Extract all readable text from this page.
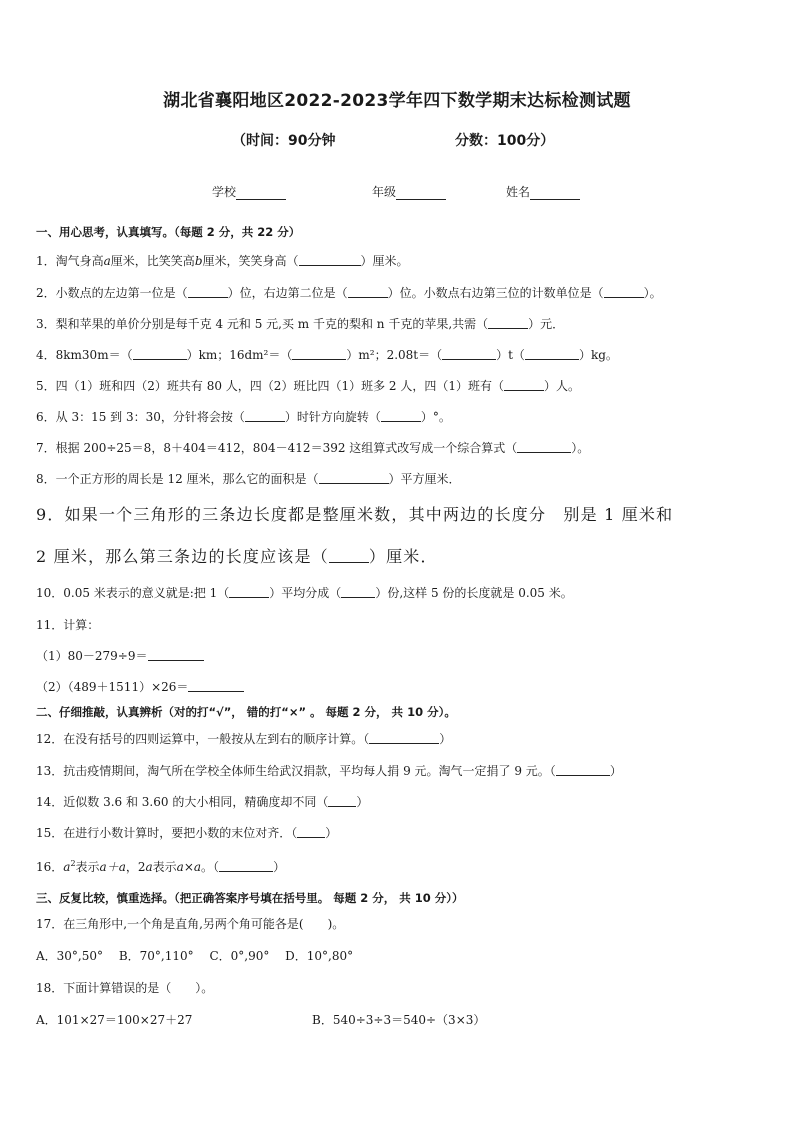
湖北省襄阳地区2022-2023学年四下数学期末达标检测试题
（时间：90分钟	分数：100分）
学校	年级	姓名
一、用心思考，认真填写。（每题 2 分，共 22 分）
1．淘气身高a厘米，比笑笑高b厘米，笑笑身高（	）厘米。
2．小数点的左边第一位是（	）位，右边第二位是（	）位。小数点右边第三位的计数单位是（	）。
3．梨和苹果的单价分别是每千克 4 元和 5 元,买 m 千克的梨和 n 千克的苹果,共需（	）元．
4．8km30m＝（	）km；16dm²＝（	）m²；2.08t＝（	）t（	）kg。
5．四（1）班和四（2）班共有 80 人，四（2）班比四（1）班多 2 人，四（1）班有（	）人。
6．从 3：15 到 3：30，分针将会按（	）时针方向旋转（	）°。
7．根据 200÷25＝8，8＋404＝412，804－412＝392 这组算式改写成一个综合算式（	）。
8．一个正方形的周长是 12 厘米，那么它的面积是（	）平方厘米．
9．如果一个三角形的三条边长度都是整厘米数，其中两边的长度分　别是 1 厘米和
2 厘米，那么第三条边的长度应该是（	）厘米．
10．0.05 米表示的意义就是:把 1（	）平均分成（	）份,这样 5 份的长度就是 0.05 米。
11．计算：
（1）80－279÷9＝
（2）（489＋1511）×26＝
二、仔细推敲，认真辨析（对的打“√”， 错的打“×” 。 每题 2 分， 共 10 分）。
12．在没有括号的四则运算中，一般按从左到右的顺序计算。（	）
13．抗击疫情期间，淘气所在学校全体师生给武汉捐款，平均每人捐 9 元。淘气一定捐了 9 元。（	）
14．近似数 3.6 和 3.60 的大小相同，精确度却不同（ ）
15．在进行小数计算时，要把小数的末位对齐．（ ）
16．$a^2$表示a＋a，2a表示a×a。（	）
三、反复比较，慎重选择。（把正确答案序号填在括号里。 每题 2 分， 共 10 分））
17．在三角形中,一个角是直角,另两个角可能各是(　　)。
A．30°,50°　 B．70°,110°　 C．0°,90°　 D．10°,80°
18．下面计算错误的是（　　）。
A．101×27＝100×27＋27	B．540÷3÷3＝540÷（3×3）
